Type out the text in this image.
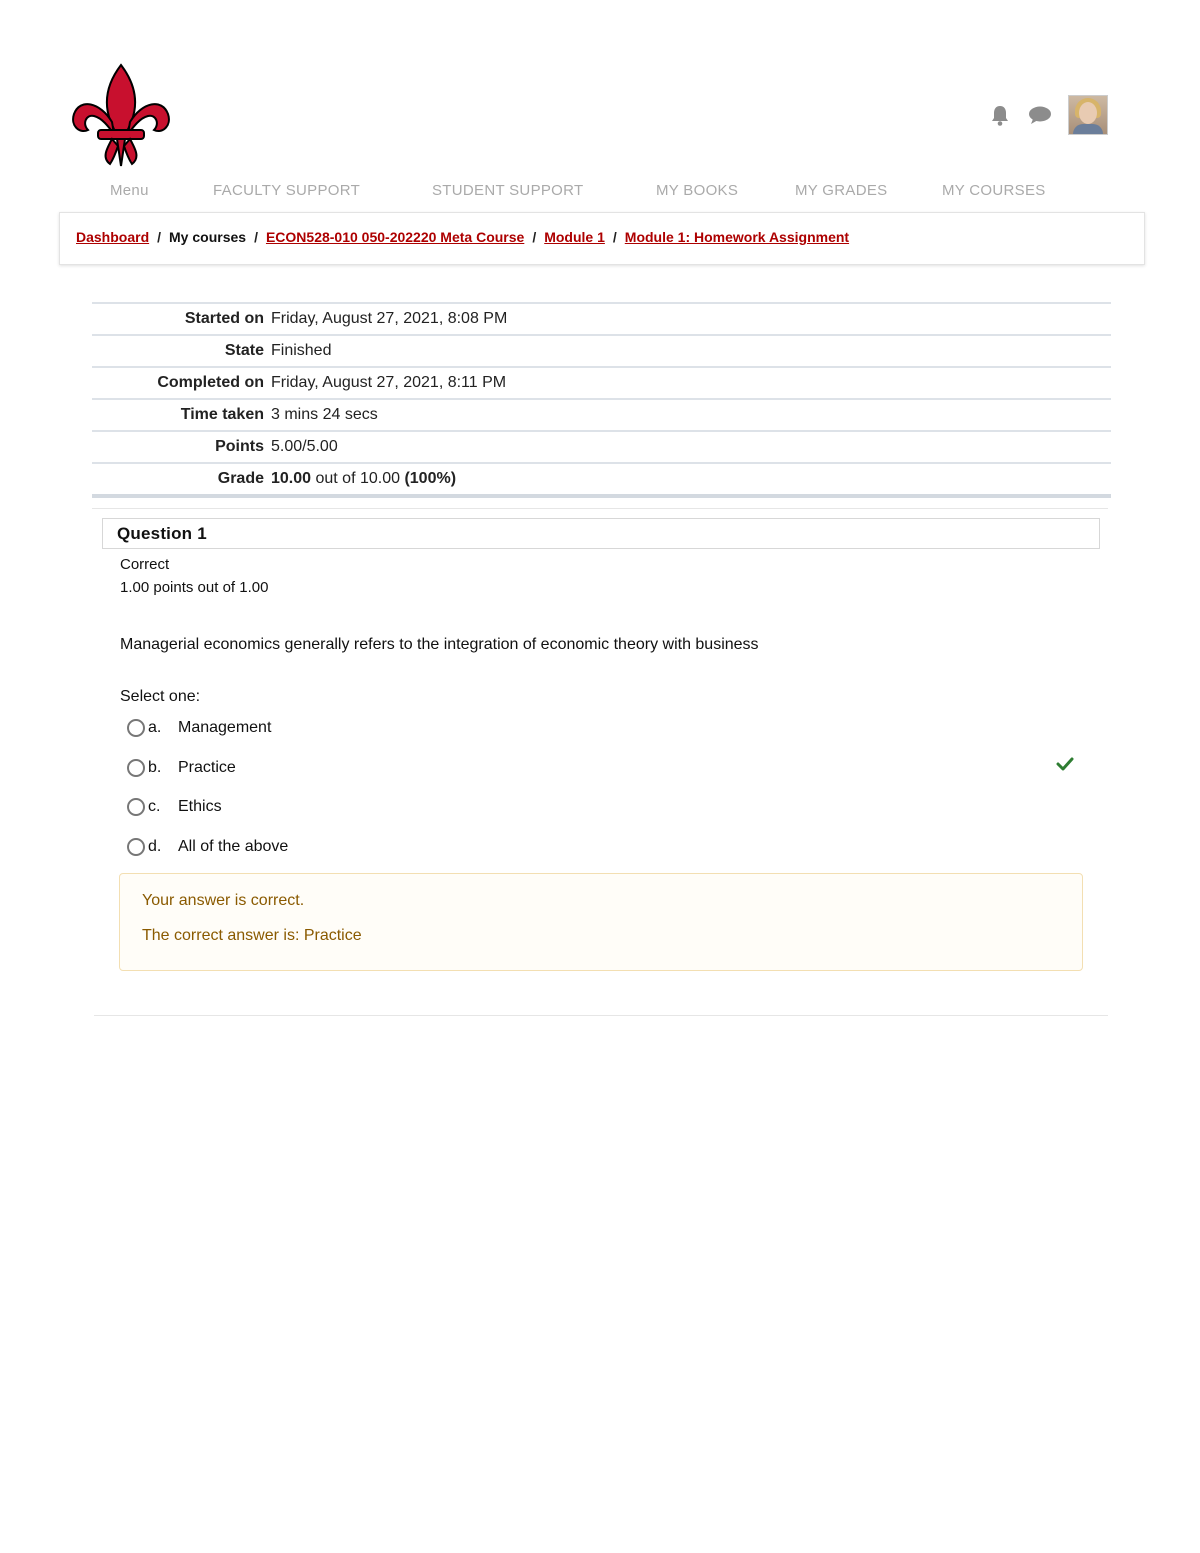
Menu	FACULTY SUPPORT	STUDENT SUPPORT	MY BOOKS	MY GRADES	MY COURSES
Dashboard / My courses / ECON528-010 050-202220 Meta Course / Module 1 / Module 1: Homework Assignment
Started on Friday, August 27, 2021, 8:08 PM
State Finished
Completed on Friday, August 27, 2021, 8:11 PM
Time taken 3 mins 24 secs
Points 5.00/5.00
Grade 10.00 out of 10.00 (100%)
Question 1
Correct
1.00 points out of 1.00
Managerial economics generally refers to the integration of economic theory with business
Select one:
a.	Management
b.	Practice
c.	Ethics
d.	All of the above

Your answer is correct.

The correct answer is: Practice
